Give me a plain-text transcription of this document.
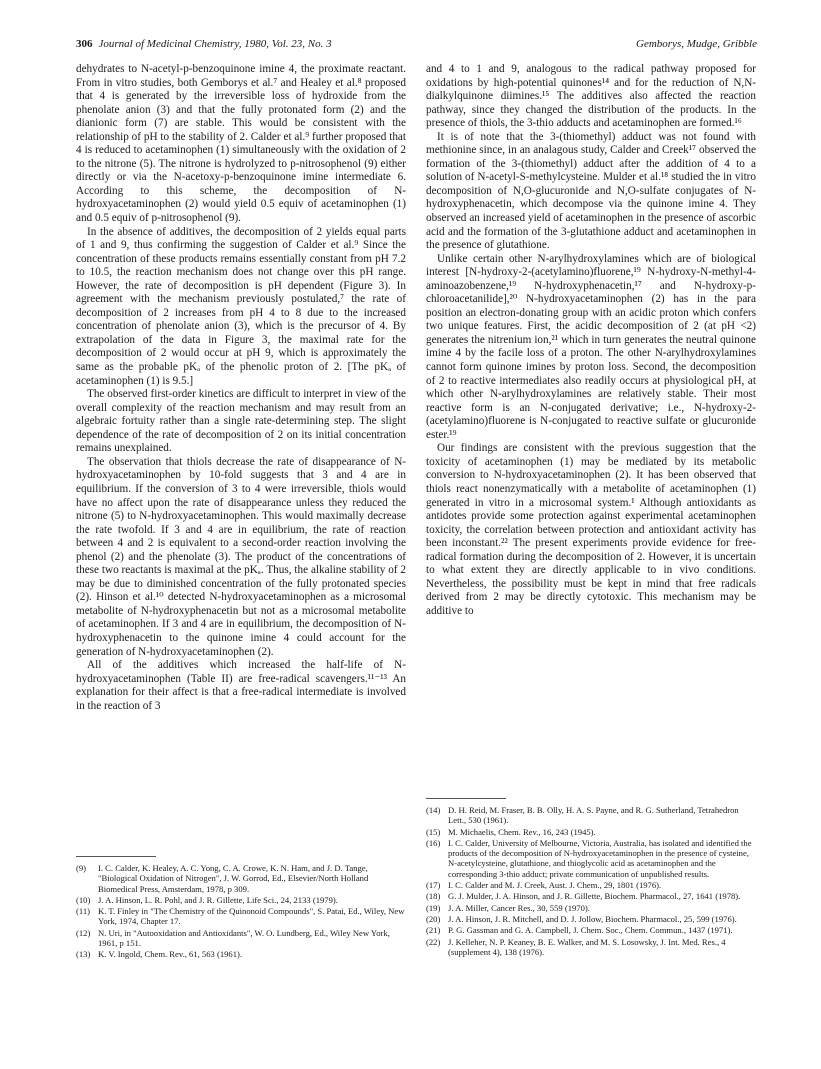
306 Journal of Medicinal Chemistry, 1980, Vol. 23, No. 3	Gemborys, Mudge, Gribble

dehydrates to N-acetyl-p-benzoquinone imine 4, the proximate reactant. From in vitro studies, both Gemborys et al.⁷ and Healey et al.⁸ proposed that 4 is generated by the irreversible loss of hydroxide from the phenolate anion (3) and that the fully protonated form (2) and the dianionic form (7) are stable. This would be consistent with the relationship of pH to the stability of 2. Calder et al.⁹ further proposed that 4 is reduced to acetaminophen (1) simultaneously with the oxidation of 2 to the nitrone (5). The nitrone is hydrolyzed to p-nitrosophenol (9) either directly or via the N-acetoxy-p-benzoquinone imine intermediate 6. According to this scheme, the decomposition of N-hydroxyacetaminophen (2) would yield 0.5 equiv of acetaminophen (1) and 0.5 equiv of p-nitrosophenol (9).

In the absence of additives, the decomposition of 2 yields equal parts of 1 and 9, thus confirming the suggestion of Calder et al.⁹ Since the concentration of these products remains essentially constant from pH 7.2 to 10.5, the reaction mechanism does not change over this pH range. However, the rate of decomposition is pH dependent (Figure 3). In agreement with the mechanism previously postulated,⁷ the rate of decomposition of 2 increases from pH 4 to 8 due to the increased concentration of phenolate anion (3), which is the precursor of 4. By extrapolation of the data in Figure 3, the maximal rate for the decomposition of 2 would occur at pH 9, which is approximately the same as the probable pKₐ of the phenolic proton of 2. [The pKₐ of acetaminophen (1) is 9.5.]

The observed first-order kinetics are difficult to interpret in view of the overall complexity of the reaction mechanism and may result from an algebraic fortuity rather than a single rate-determining step. The slight dependence of the rate of decomposition of 2 on its initial concentration remains unexplained.

The observation that thiols decrease the rate of disappearance of N-hydroxyacetaminophen by 10-fold suggests that 3 and 4 are in equilibrium. If the conversion of 3 to 4 were irreversible, thiols would have no affect upon the rate of disappearance unless they reduced the nitrone (5) to N-hydroxyacetaminophen. This would maximally decrease the rate twofold. If 3 and 4 are in equilibrium, the rate of reaction between 4 and 2 is equivalent to a second-order reaction involving the phenol (2) and the phenolate (3). The product of the concentrations of these two reactants is maximal at the pKₐ. Thus, the alkaline stability of 2 may be due to diminished concentration of the fully protonated species (2). Hinson et al.¹⁰ detected N-hydroxyacetaminophen as a microsomal metabolite of N-hydroxyphenacetin but not as a microsomal metabolite of acetaminophen. If 3 and 4 are in equilibrium, the decomposition of N-hydroxyphenacetin to the quinone imine 4 could account for the generation of N-hydroxyacetaminophen (2).

All of the additives which increased the half-life of N-hydroxyacetaminophen (Table II) are free-radical scavengers.¹¹⁻¹³ An explanation for their affect is that a free-radical intermediate is involved in the reaction of 3

(9) I. C. Calder, K. Healey, A. C. Yong, C. A. Crowe, K. N. Ham, and J. D. Tange, "Biological Oxidation of Nitrogen", J. W. Gorrod, Ed., Elsevier/North Holland Biomedical Press, Amsterdam, 1978, p 309.
(10) J. A. Hinson, L. R. Pohl, and J. R. Gillette, Life Sci., 24, 2133 (1979).
(11) K. T. Finley in "The Chemistry of the Quinonoid Compounds", S. Patai, Ed., Wiley, New York, 1974, Chapter 17.
(12) N. Uri, in "Autooxidation and Antioxidants", W. O. Lundberg, Ed., Wiley New York, 1961, p 151.
(13) K. V. Ingold, Chem. Rev., 61, 563 (1961).

and 4 to 1 and 9, analogous to the radical pathway proposed for oxidations by high-potential quinones¹⁴ and for the reduction of N,N-dialkylquinone diimines.¹⁵ The additives also affected the reaction pathway, since they changed the distribution of the products. In the presence of thiols, the 3-thio adducts and acetaminophen are formed.¹⁶

It is of note that the 3-(thiomethyl) adduct was not found with methionine since, in an analagous study, Calder and Creek¹⁷ observed the formation of the 3-(thiomethyl) adduct after the addition of 4 to a solution of N-acetyl-S-methylcysteine. Mulder et al.¹⁸ studied the in vitro decomposition of N,O-glucuronide and N,O-sulfate conjugates of N-hydroxyphenacetin, which decompose via the quinone imine 4. They observed an increased yield of acetaminophen in the presence of ascorbic acid and the formation of the 3-glutathione adduct and acetaminophen in the presence of glutathione.

Unlike certain other N-arylhydroxylamines which are of biological interest [N-hydroxy-2-(acetylamino)fluorene,¹⁹ N-hydroxy-N-methyl-4-aminoazobenzene,¹⁹ N-hydroxyphenacetin,¹⁷ and N-hydroxy-p-chloroacetanilide],²⁰ N-hydroxyacetaminophen (2) has in the para position an electron-donating group with an acidic proton which confers two unique features. First, the acidic decomposition of 2 (at pH <2) generates the nitrenium ion,²¹ which in turn generates the neutral quinone imine 4 by the facile loss of a proton. The other N-arylhydroxylamines cannot form quinone imines by proton loss. Second, the decomposition of 2 to reactive intermediates also readily occurs at physiological pH, at which other N-arylhydroxylamines are relatively stable. Their most reactive form is an N-conjugated derivative; i.e., N-hydroxy-2-(acetylamino)fluorene is N-conjugated to reactive sulfate or glucuronide ester.¹⁹

Our findings are consistent with the previous suggestion that the toxicity of acetaminophen (1) may be mediated by its metabolic conversion to N-hydroxyacetaminophen (2). It has been observed that thiols react nonenzymatically with a metabolite of acetaminophen (1) generated in vitro in a microsomal system.¹ Although antioxidants as antidotes provide some protection against experimental acetaminophen toxicity, the correlation between protection and antioxidant activity has been inconstant.²² The present experiments provide evidence for free-radical formation during the decomposition of 2. However, it is uncertain to what extent they are directly applicable to in vivo conditions. Nevertheless, the possibility must be kept in mind that free radicals derived from 2 may be directly cytotoxic. This mechanism may be additive to

(14) D. H. Reid, M. Fraser, B. B. Olly, H. A. S. Payne, and R. G. Sutherland, Tetrahedron Lett., 530 (1961).
(15) M. Michaelis, Chem. Rev., 16, 243 (1945).
(16) I. C. Calder, University of Melbourne, Victoria, Australia, has isolated and identified the products of the decomposition of N-hydroxyacetaminophen in the presence of cysteine, N-acetylcysteine, glutathione, and thioglycolic acid as acetaminophen and the corresponding 3-thio adduct; private communication of unpublished results.
(17) I. C. Calder and M. J. Creek, Aust. J. Chem., 29, 1801 (1976).
(18) G. J. Mulder, J. A. Hinson, and J. R. Gillette, Biochem. Pharmacol., 27, 1641 (1978).
(19) J. A. Miller, Cancer Res., 30, 559 (1970).
(20) J. A. Hinson, J. R. Mitchell, and D. J. Jollow, Biochem. Pharmacol., 25, 599 (1976).
(21) P. G. Gassman and G. A. Campbell, J. Chem. Soc., Chem. Commun., 1437 (1971).
(22) J. Kelleher, N. P. Keaney, B. E. Walker, and M. S. Losowsky, J. Int. Med. Res., 4 (supplement 4), 138 (1976).
